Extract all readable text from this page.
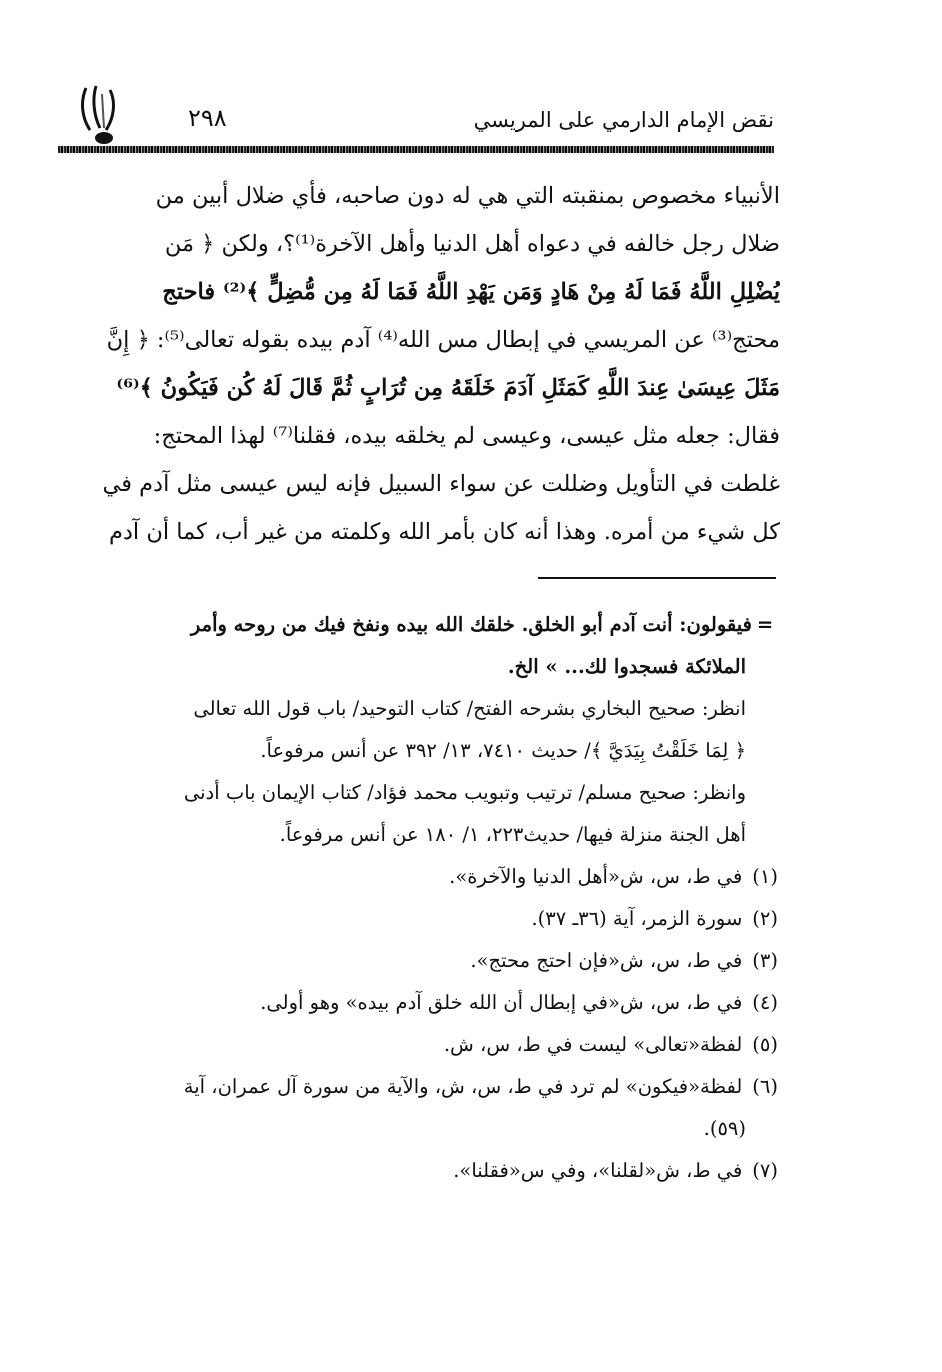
نقض الإمام الدارمي على المريسي
٢٩٨
الأنبياء مخصوص بمنقبته التي هي له دون صاحبه، فأي ضلال أبين من
ضلال رجل خالفه في دعواه أهل الدنيا وأهل الآخرة⁽¹⁾؟، ولكن ﴿ مَن
يُضْلِلِ اللَّهُ فَمَا لَهُ مِنْ هَادٍ وَمَن يَهْدِ اللَّهُ فَمَا لَهُ مِن مُّضِلٍّ ﴾⁽²⁾ فاحتج
محتج⁽³⁾ عن المريسي في إبطال مس الله⁽⁴⁾ آدم بيده بقوله تعالى⁽⁵⁾: ﴿ إِنَّ
مَثَلَ عِيسَىٰ عِندَ اللَّهِ كَمَثَلِ آدَمَ خَلَقَهُ مِن تُرَابٍ ثُمَّ قَالَ لَهُ كُن فَيَكُونُ ﴾⁽⁶⁾
فقال: جعله مثل عيسى، وعيسى لم يخلقه بيده، فقلنا⁽⁷⁾ لهذا المحتج:
غلطت في التأويل وضللت عن سواء السبيل فإنه ليس عيسى مثل آدم في
كل شيء من أمره. وهذا أنه كان بأمر الله وكلمته من غير أب، كما أن آدم
=فيقولون: أنت آدم أبو الخلق. خلقك الله بيده ونفخ فيك من روحه وأمر
الملائكة فسجدوا لك... » الخ.
انظر: صحيح البخاري بشرحه الفتح/ كتاب التوحيد/ باب قول الله تعالى
﴿ لِمَا خَلَقْتُ بِيَدَيَّ ﴾/ حديث ٧٤١٠، ١٣/ ٣٩٢ عن أنس مرفوعاً.
وانظر: صحيح مسلم/ ترتيب وتبويب محمد فؤاد/ كتاب الإيمان باب أدنى
أهل الجنة منزلة فيها/ حديث٢٢٣، ١/ ١٨٠ عن أنس مرفوعاً.
(١)في ط، س، ش«أهل الدنيا والآخرة».
(٢)سورة الزمر، آية (٣٦ـ ٣٧).
(٣)في ط، س، ش«فإن احتج محتج».
(٤)في ط، س، ش«في إبطال أن الله خلق آدم بيده» وهو أولى.
(٥)لفظة«تعالى» ليست في ط، س، ش.
(٦)لفظة«فيكون» لم ترد في ط، س، ش، والآية من سورة آل عمران، آية
(٥٩).
(٧)في ط، ش«لقلنا»، وفي س«فقلنا».
